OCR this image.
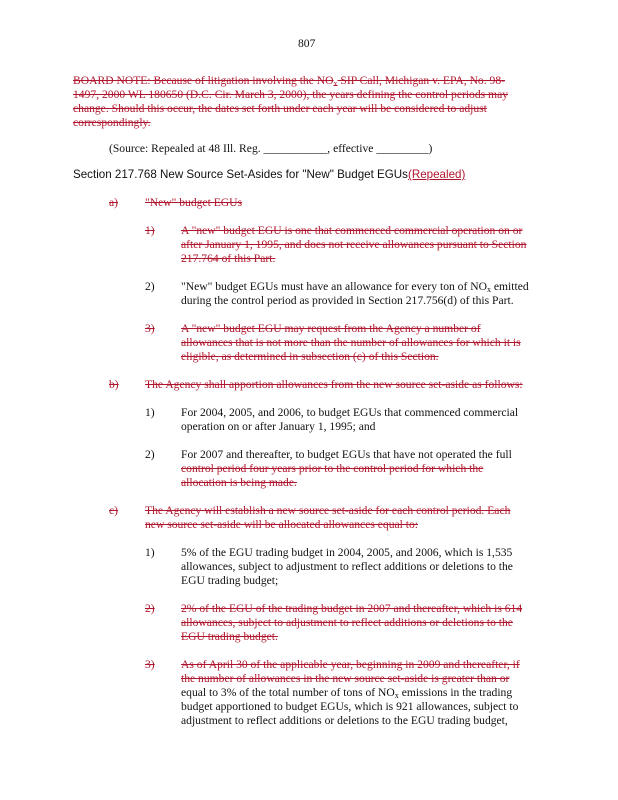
807
BOARD NOTE: Because of litigation involving the $NO_x$ SIP Call, Michigan v. EPA, No. 98-
1497, 2000 WL 180650 (D.C. Cir. March 3, 2000), the years defining the control periods may
change. Should this occur, the dates set forth under each year will be considered to adjust
correspondingly.
(Source: Repealed at 48 Ill. Reg. ___________, effective _________)
Section 217.768 New Source Set-Asides for "New" Budget EGUs(Repealed)
a) "New" budget EGUs
1) A "new" budget EGU is one that commenced commercial operation on or
after January 1, 1995, and does not receive allowances pursuant to Section
217.764 of this Part.
2) "New" budget EGUs must have an allowance for every ton of $NO_x$ emitted
during the control period as provided in Section 217.756(d) of this Part.
3) A "new" budget EGU may request from the Agency a number of
allowances that is not more than the number of allowances for which it is
eligible, as determined in subsection (c) of this Section.
b) The Agency shall apportion allowances from the new source set-aside as follows:
1) For 2004, 2005, and 2006, to budget EGUs that commenced commercial
operation on or after January 1, 1995; and
2) For 2007 and thereafter, to budget EGUs that have not operated the full
control period four years prior to the control period for which the
allocation is being made.
c) The Agency will establish a new source set-aside for each control period. Each
new source set-aside will be allocated allowances equal to:
1) 5% of the EGU trading budget in 2004, 2005, and 2006, which is 1,535
allowances, subject to adjustment to reflect additions or deletions to the
EGU trading budget;
2) 2% of the EGU of the trading budget in 2007 and thereafter, which is 614
allowances, subject to adjustment to reflect additions or deletions to the
EGU trading budget.
3) As of April 30 of the applicable year, beginning in 2009 and thereafter, if
the number of allowances in the new source set-aside is greater than or
equal to 3% of the total number of tons of $NO_x$ emissions in the trading
budget apportioned to budget EGUs, which is 921 allowances, subject to
adjustment to reflect additions or deletions to the EGU trading budget,
